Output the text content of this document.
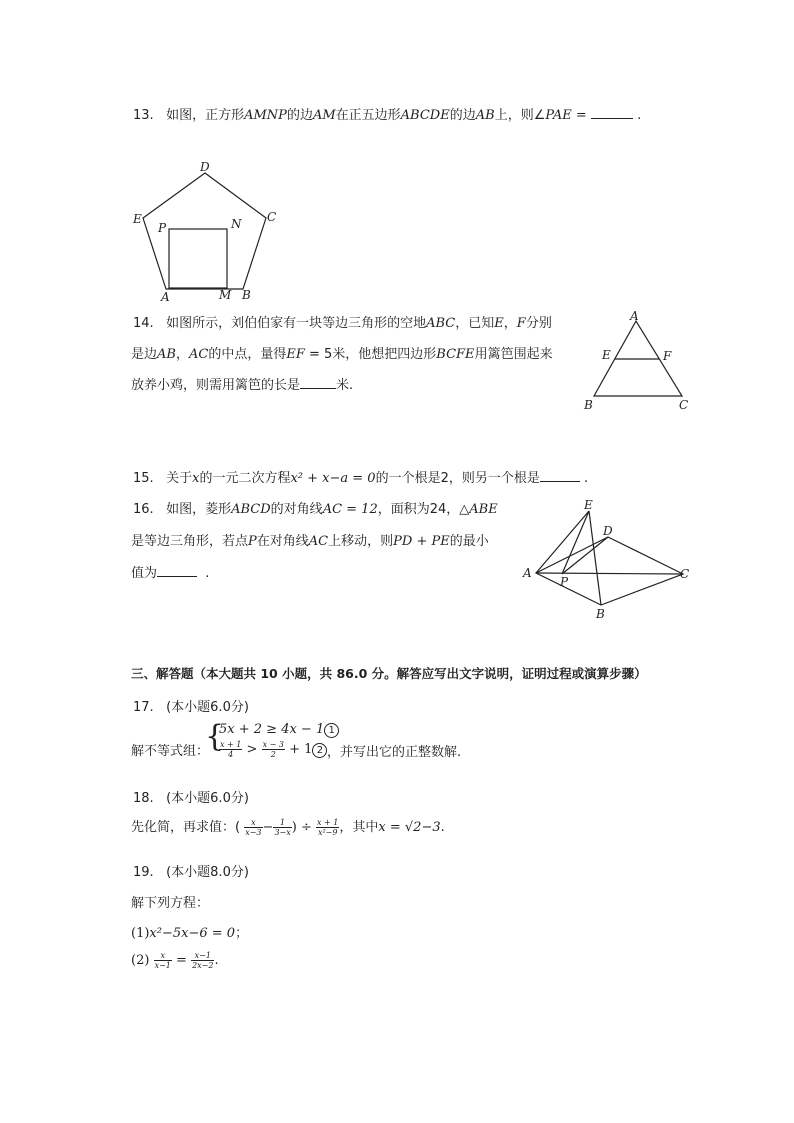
13. 如图，正方形AMNP的边AM在正五边形ABCDE的边AB上，则∠PAE =	.
D
E	C
P	N
A	M B
14. 如图所示，刘伯伯家有一块等边三角形的空地ABC，已知E，F分别
是边AB，AC的中点，量得EF = 5米，他想把四边形BCFE用篱笆围起来
放养小鸡，则需用篱笆的长是	米.
A
E	F
B	C
15. 关于x的一元二次方程x² + x−a = 0的一个根是2，则另一个根是	.
16. 如图，菱形ABCD的对角线AC = 12，面积为24，△ABE
是等边三角形，若点P在对角线AC上移动，则PD + PE的最小
值为	.
E
D
A
P
C
B
三、解答题（本大题共 10 小题，共 86.0 分。解答应写出文字说明，证明过程或演算步骤）
17. (本小题6.0分)
解不等式组：
{
5x + 2 ≥ 4x − 1 1
$\frac{x + 1}{4} > \frac{x - 3}{2} + 1$ 2 ，并写出它的正整数解.
18. (本小题6.0分)
先化简，再求值：( $\frac{x}{x-3} - \frac{1}{3-x}$ ) ÷ $\frac{x + 1}{\text{x²−9}}$ ，其中x = √2−3.
19. (本小题8.0分)
解下列方程：
(1)x²−5x−6 = 0；
$(2) \frac{x}{x-1} = \frac{x-1}{2x-2}$ .
